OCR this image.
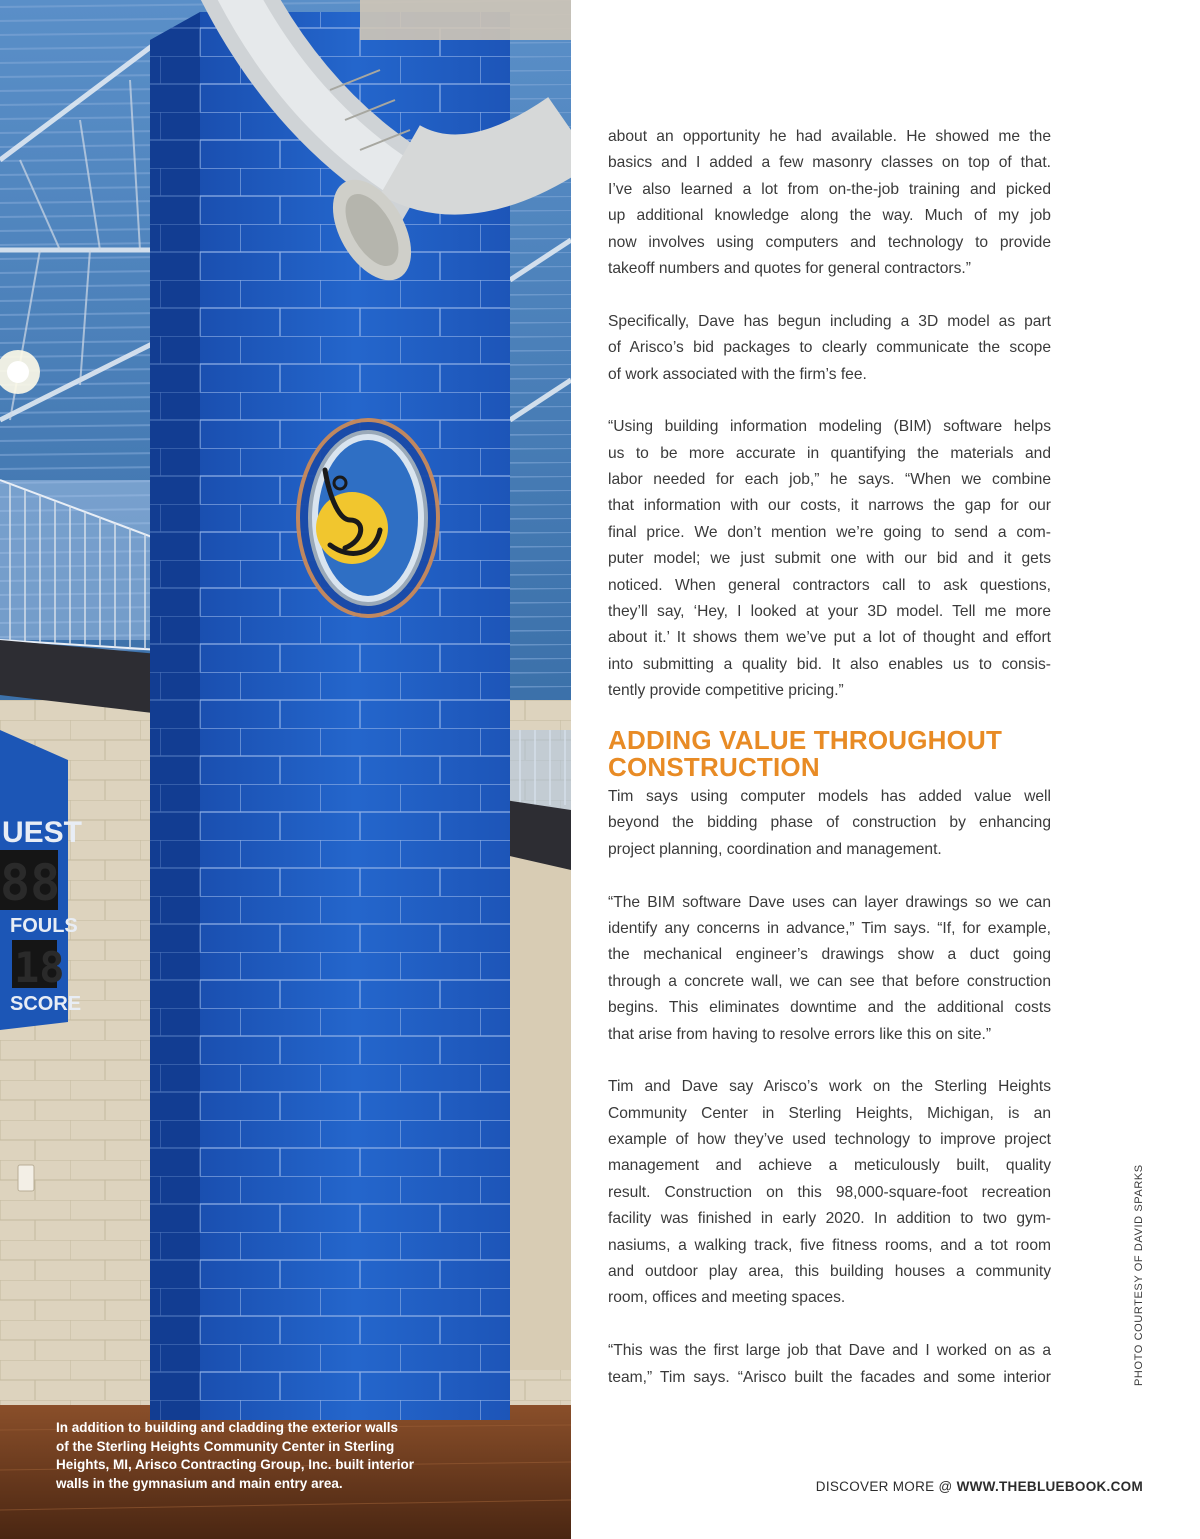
UEST
88
FOULS
18
SCORE
In addition to building and cladding the exterior walls
of the Sterling Heights Community Center in Sterling
Heights, MI, Arisco Contracting Group, Inc. built interior
walls in the gymnasium and main entry area.
about an opportunity he had available. He showed me the
basics and I added a few masonry classes on top of that.
I’ve also learned a lot from on-the-job training and picked
up additional knowledge along the way. Much of my job
now involves using computers and technology to provide
takeoff numbers and quotes for general contractors.”
Specifically, Dave has begun including a 3D model as part
of Arisco’s bid packages to clearly communicate the scope
of work associated with the firm’s fee.
“Using building information modeling (BIM) software helps
us to be more accurate in quantifying the materials and
labor needed for each job,” he says. “When we combine
that information with our costs, it narrows the gap for our
final price. We don’t mention we’re going to send a com-
puter model; we just submit one with our bid and it gets
noticed. When general contractors call to ask questions,
they’ll say, ‘Hey, I looked at your 3D model. Tell me more
about it.’ It shows them we’ve put a lot of thought and effort
into submitting a quality bid. It also enables us to consis-
tently provide competitive pricing.”
ADDING VALUE THROUGHOUT
CONSTRUCTION
Tim says using computer models has added value well
beyond the bidding phase of construction by enhancing
project planning, coordination and management.
“The BIM software Dave uses can layer drawings so we can
identify any concerns in advance,” Tim says. “If, for example,
the mechanical engineer’s drawings show a duct going
through a concrete wall, we can see that before construction
begins. This eliminates downtime and the additional costs
that arise from having to resolve errors like this on site.”
Tim and Dave say Arisco’s work on the Sterling Heights
Community Center in Sterling Heights, Michigan, is an
example of how they’ve used technology to improve project
management and achieve a meticulously built, quality
result. Construction on this 98,000-square-foot recreation
facility was finished in early 2020. In addition to two gym-
nasiums, a walking track, five fitness rooms, and a tot room
and outdoor play area, this building houses a community
room, offices and meeting spaces.
“This was the first large job that Dave and I worked on as a
team,” Tim says. “Arisco built the facades and some interior	PHOTO COURTESY OF DAVID SPARKS
DISCOVER MORE @ WWW.THEBLUEBOOK.COM
